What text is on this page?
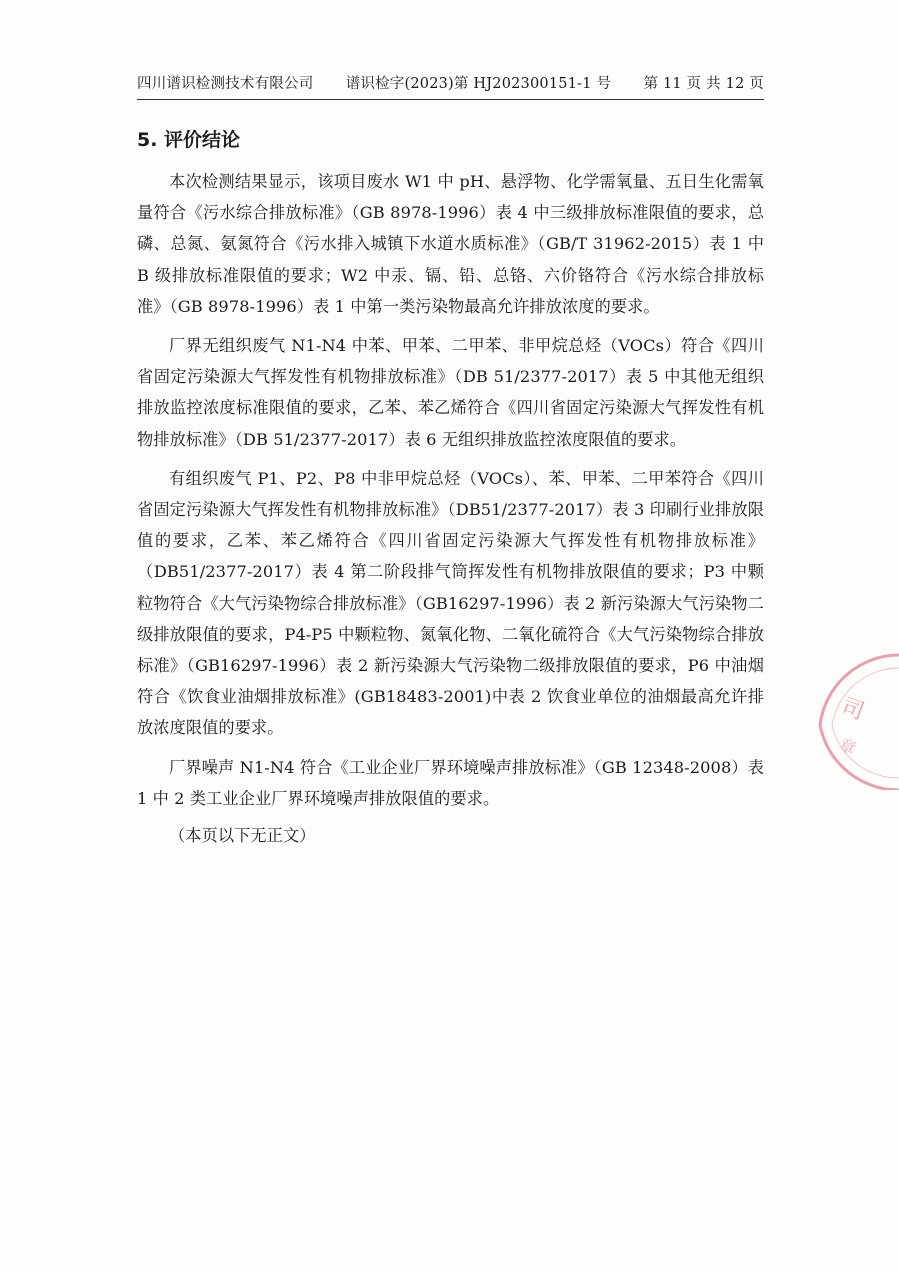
四川谱识检测技术有限公司 谱识检字(2023)第 HJ202300151-1 号 第 11 页 共 12 页
5. 评价结论

本次检测结果显示，该项目废水 W1 中 pH、悬浮物、化学需氧量、五日生化需氧量符合《污水综合排放标准》（GB 8978-1996）表 4 中三级排放标准限值的要求，总磷、总氮、氨氮符合《污水排入城镇下水道水质标准》（GB/T 31962-2015）表 1 中 B 级排放标准限值的要求；W2 中汞、镉、铅、总铬、六价铬符合《污水综合排放标准》（GB 8978-1996）表 1 中第一类污染物最高允许排放浓度的要求。

厂界无组织废气 N1-N4 中苯、甲苯、二甲苯、非甲烷总烃（VOCs）符合《四川省固定污染源大气挥发性有机物排放标准》（DB 51/2377-2017）表 5 中其他无组织排放监控浓度标准限值的要求，乙苯、苯乙烯符合《四川省固定污染源大气挥发性有机物排放标准》（DB 51/2377-2017）表 6 无组织排放监控浓度限值的要求。

有组织废气 P1、P2、P8 中非甲烷总烃（VOCs）、苯、甲苯、二甲苯符合《四川省固定污染源大气挥发性有机物排放标准》（DB51/2377-2017）表 3 印刷行业排放限值的要求，乙苯、苯乙烯符合《四川省固定污染源大气挥发性有机物排放标准》（DB51/2377-2017）表 4 第二阶段排气筒挥发性有机物排放限值的要求；P3 中颗粒物符合《大气污染物综合排放标准》（GB16297-1996）表 2 新污染源大气污染物二级排放限值的要求，P4-P5 中颗粒物、氮氧化物、二氧化硫符合《大气污染物综合排放标准》（GB16297-1996）表 2 新污染源大气污染物二级排放限值的要求，P6 中油烟符合《饮食业油烟排放标准》(GB18483-2001)中表 2 饮食业单位的油烟最高允许排放浓度限值的要求。

厂界噪声 N1-N4 符合《工业企业厂界环境噪声排放标准》（GB 12348-2008）表 1 中 2 类工业企业厂界环境噪声排放限值的要求。

（本页以下无正文）

司
章
